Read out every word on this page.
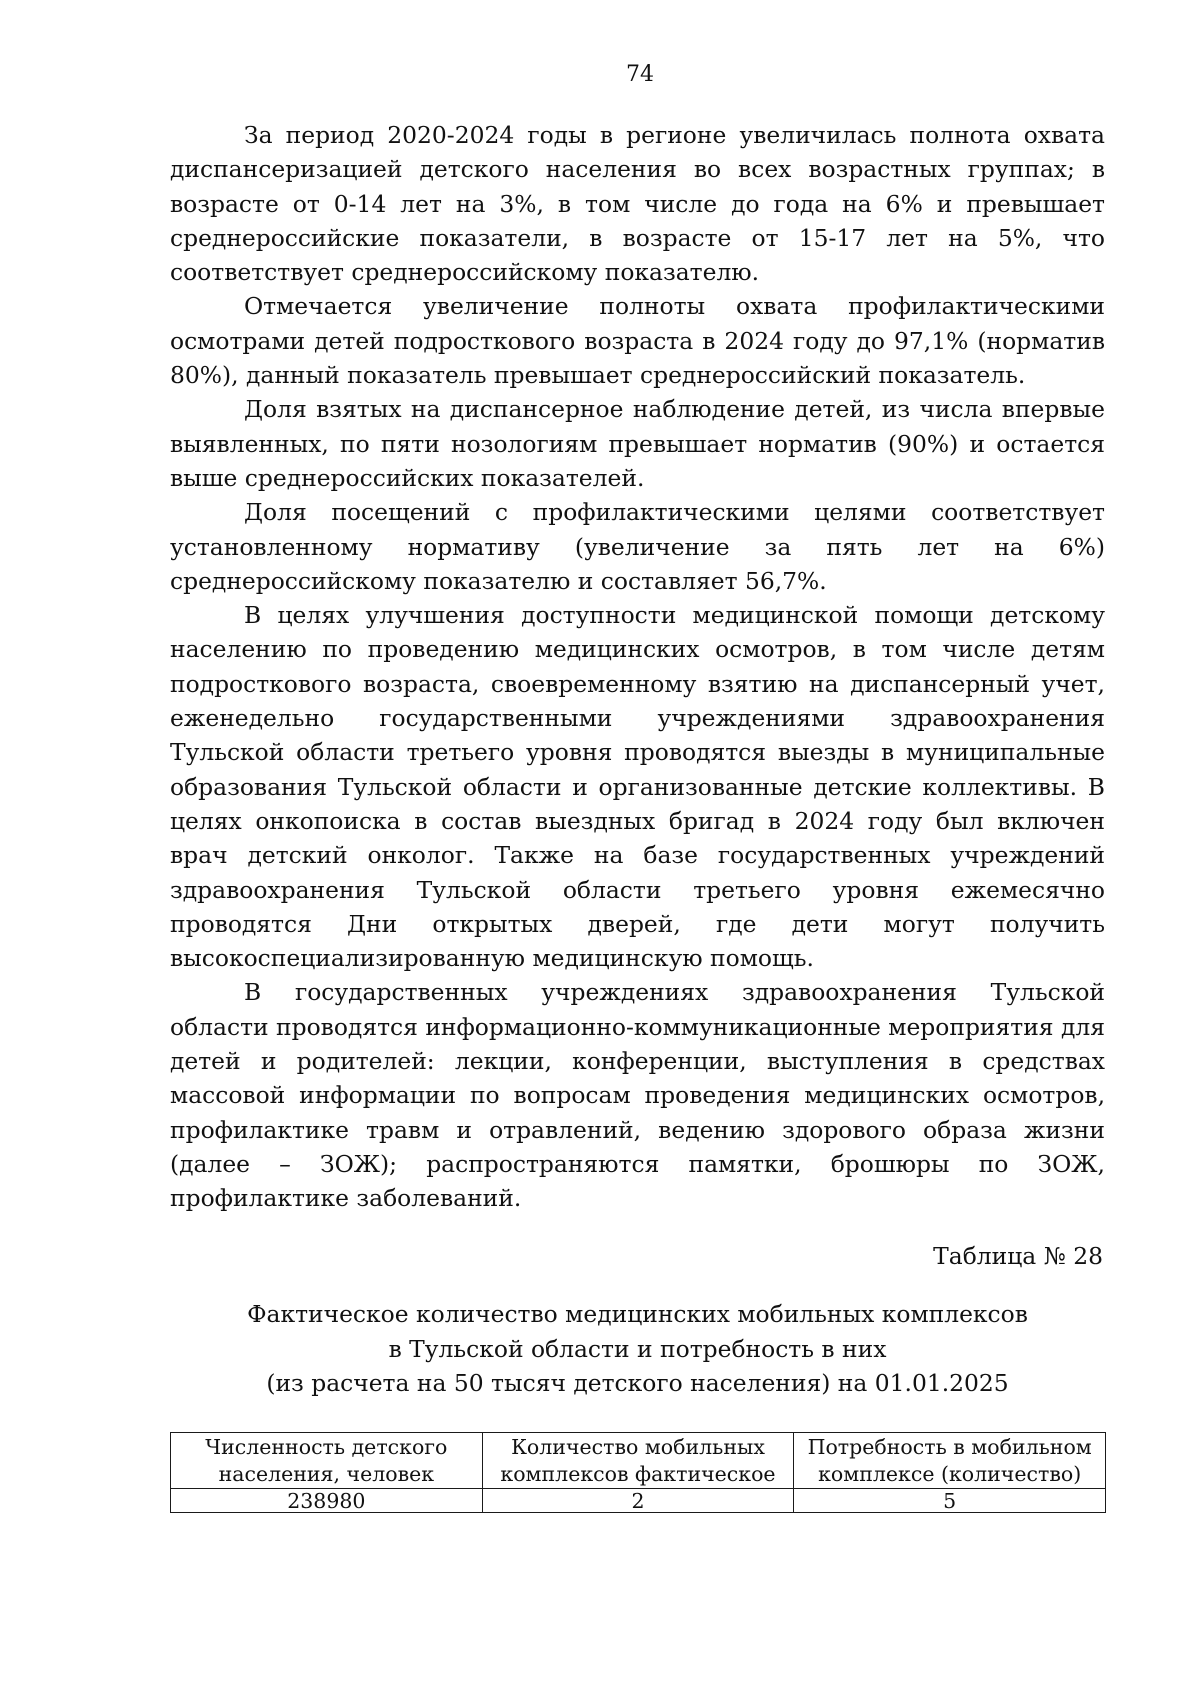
74

За период 2020-2024 годы в регионе увеличилась полнота охвата диспансеризацией детского населения во всех возрастных группах; в возрасте от 0-14 лет на 3%, в том числе до года на 6% и превышает среднероссийские показатели, в возрасте от 15-17 лет на 5%, что соответствует среднероссийскому показателю.

Отмечается увеличение полноты охвата профилактическими осмотрами детей подросткового возраста в 2024 году до 97,1% (норматив 80%), данный показатель превышает среднероссийский показатель.

Доля взятых на диспансерное наблюдение детей, из числа впервые выявленных, по пяти нозологиям превышает норматив (90%) и остается выше среднероссийских показателей.

Доля посещений с профилактическими целями соответствует установленному нормативу (увеличение за пять лет на 6%) среднероссийскому показателю и составляет 56,7%.

В целях улучшения доступности медицинской помощи детскому населению по проведению медицинских осмотров, в том числе детям подросткового возраста, своевременному взятию на диспансерный учет, еженедельно государственными учреждениями здравоохранения Тульской области третьего уровня проводятся выезды в муниципальные образования Тульской области и организованные детские коллективы. В целях онкопоиска в состав выездных бригад в 2024 году был включен врач детский онколог. Также на базе государственных учреждений здравоохранения Тульской области третьего уровня ежемесячно проводятся Дни открытых дверей, где дети могут получить высокоспециализированную медицинскую помощь.

В государственных учреждениях здравоохранения Тульской области проводятся информационно-коммуникационные мероприятия для детей и родителей: лекции, конференции, выступления в средствах массовой информации по вопросам проведения медицинских осмотров, профилактике травм и отравлений, ведению здорового образа жизни (далее – ЗОЖ); распространяются памятки, брошюры по ЗОЖ, профилактике заболеваний.

Таблица № 28
Фактическое количество медицинских мобильных комплексов
в Тульской области и потребность в них
(из расчета на 50 тысяч детского населения) на 01.01.2025
Численность детского населения, человек	Количество мобильных комплексов фактическое	Потребность в мобильном комплексе (количество)
238980	2	5
